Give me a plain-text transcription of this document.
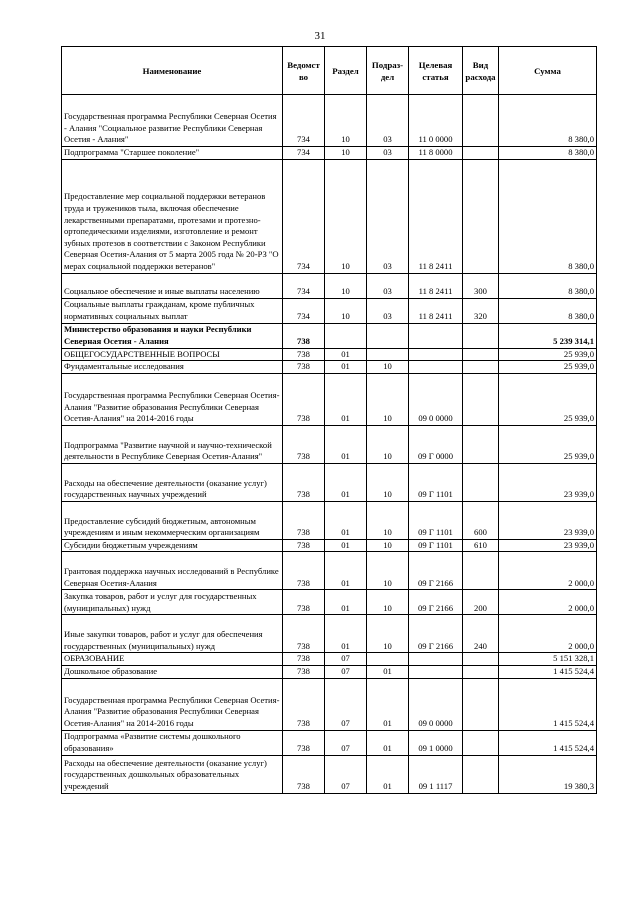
31
Наименование	Ведомст во	Раздел	Подраз- дел	Целевая статья	Вид расхода	Сумма
Государственная программа Республики Северная Осетия - Алания "Социальное развитие Республики Северная Осетия - Алания"	734	10	03	11 0 0000		8 380,0
Подпрограмма "Старшее поколение"	734	10	03	11 8 0000		8 380,0
Предоставление мер социальной поддержки ветеранов труда и тружеников тыла, включая обеспечение лекарственными препаратами, протезами и протезно-ортопедическими изделиями, изготовление и ремонт зубных протезов в соответствии с Законом Республики Северная Осетия-Алания от 5 марта 2005 года № 20-РЗ "О мерах социальной поддержки ветеранов"	734	10	03	11 8 2411		8 380,0
Социальное обеспечение и иные выплаты населению	734	10	03	11 8 2411	300	8 380,0
Социальные выплаты гражданам, кроме публичных нормативных социальных выплат	734	10	03	11 8 2411	320	8 380,0
Министерство образования и науки Республики Северная Осетия - Алания	738					5 239 314,1
ОБЩЕГОСУДАРСТВЕННЫЕ ВОПРОСЫ	738	01				25 939,0
Фундаментальные исследования	738	01	10			25 939,0
Государственная программа Республики Северная Осетия-Алания "Развитие образования Республики Северная Осетия-Алания" на 2014-2016 годы	738	01	10	09 0 0000		25 939,0
Подпрограмма "Развитие научной и научно-технической деятельности в Республике Северная Осетия-Алания"	738	01	10	09 Г 0000		25 939,0
Расходы на обеспечение деятельности (оказание услуг) государственных научных учреждений	738	01	10	09 Г 1101		23 939,0
Предоставление субсидий бюджетным, автономным учреждениям и иным некоммерческим организациям	738	01	10	09 Г 1101	600	23 939,0
Субсидии бюджетным учреждениям	738	01	10	09 Г 1101	610	23 939,0
Грантовая поддержка научных исследований в Республике Северная Осетия-Алания	738	01	10	09 Г 2166		2 000,0
Закупка товаров, работ и услуг для государственных (муниципальных) нужд	738	01	10	09 Г 2166	200	2 000,0
Иные закупки товаров, работ и услуг для обеспечения государственных (муниципальных) нужд	738	01	10	09 Г 2166	240	2 000,0
ОБРАЗОВАНИЕ	738	07				5 151 328,1
Дошкольное образование	738	07	01			1 415 524,4
Государственная программа Республики Северная Осетия-Алания "Развитие образования Республики Северная Осетия-Алания" на 2014-2016 годы	738	07	01	09 0 0000		1 415 524,4
Подпрограмма «Развитие системы дошкольного образования»	738	07	01	09 1 0000		1 415 524,4
Расходы на обеспечение деятельности (оказание услуг) государственных дошкольных образовательных учреждений	738	07	01	09 1 1117		19 380,3
